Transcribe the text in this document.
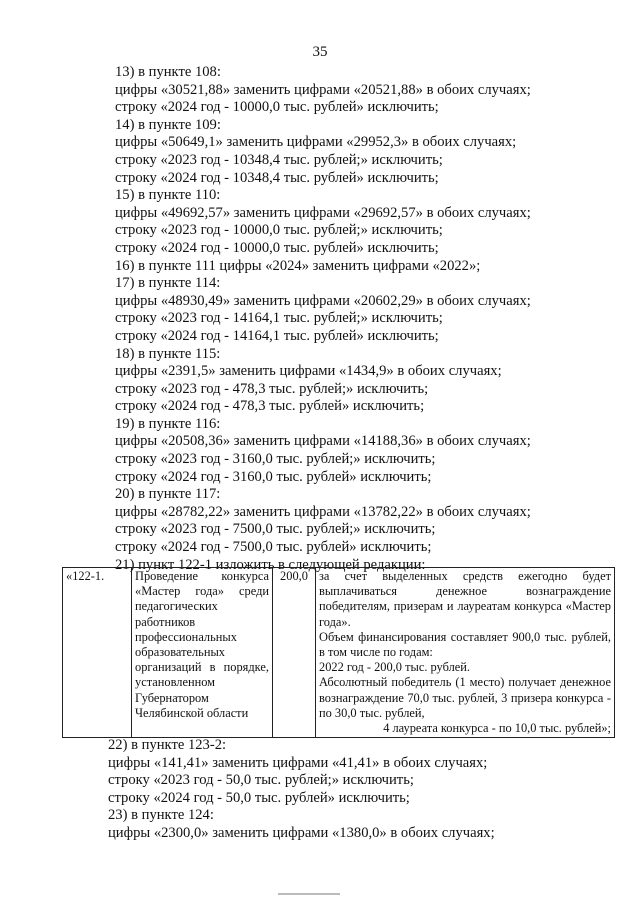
35
13) в пункте 108:
цифры «30521,88» заменить цифрами «20521,88» в обоих случаях;
строку «2024 год - 10000,0 тыс. рублей» исключить;
14) в пункте 109:
цифры «50649,1» заменить цифрами «29952,3» в обоих случаях;
строку «2023 год - 10348,4 тыс. рублей;» исключить;
строку «2024 год - 10348,4 тыс. рублей» исключить;
15) в пункте 110:
цифры «49692,57» заменить цифрами «29692,57» в обоих случаях;
строку «2023 год - 10000,0 тыс. рублей;» исключить;
строку «2024 год - 10000,0 тыс. рублей» исключить;
16) в пункте 111 цифры «2024» заменить цифрами «2022»;
17) в пункте 114:
цифры «48930,49» заменить цифрами «20602,29» в обоих случаях;
строку «2023 год - 14164,1 тыс. рублей;» исключить;
строку «2024 год - 14164,1 тыс. рублей» исключить;
18) в пункте 115:
цифры «2391,5» заменить цифрами «1434,9» в обоих случаях;
строку «2023 год - 478,3 тыс. рублей;» исключить;
строку «2024 год - 478,3 тыс. рублей» исключить;
19) в пункте 116:
цифры «20508,36» заменить цифрами «14188,36» в обоих случаях;
строку «2023 год - 3160,0 тыс. рублей;» исключить;
строку «2024 год - 3160,0 тыс. рублей» исключить;
20) в пункте 117:
цифры «28782,22» заменить цифрами «13782,22» в обоих случаях;
строку «2023 год - 7500,0 тыс. рублей;» исключить;
строку «2024 год - 7500,0 тыс. рублей» исключить;
21) пункт 122-1 изложить в следующей редакции:
«122-1.	Проведение конкурса «Мастер года» среди педагогических работников профессиональных образовательных организаций в порядке, установленном Губернатором Челябинской области	200,0	за счет выделенных средств ежегодно будет выплачиваться денежное вознаграждение победителям, призерам и лауреатам конкурса «Мастер года».
Объем финансирования составляет 900,0 тыс. рублей, в том числе по годам:
2022 год - 200,0 тыс. рублей.
Абсолютный победитель (1 место) получает денежное вознаграждение 70,0 тыс. рублей, 3 призера конкурса - по 30,0 тыс. рублей,
4 лауреата конкурса - по 10,0 тыс. рублей»;
22) в пункте 123-2:
цифры «141,41» заменить цифрами «41,41» в обоих случаях;
строку «2023 год - 50,0 тыс. рублей;» исключить;
строку «2024 год - 50,0 тыс. рублей» исключить;
23) в пункте 124:
цифры «2300,0» заменить цифрами «1380,0» в обоих случаях;
